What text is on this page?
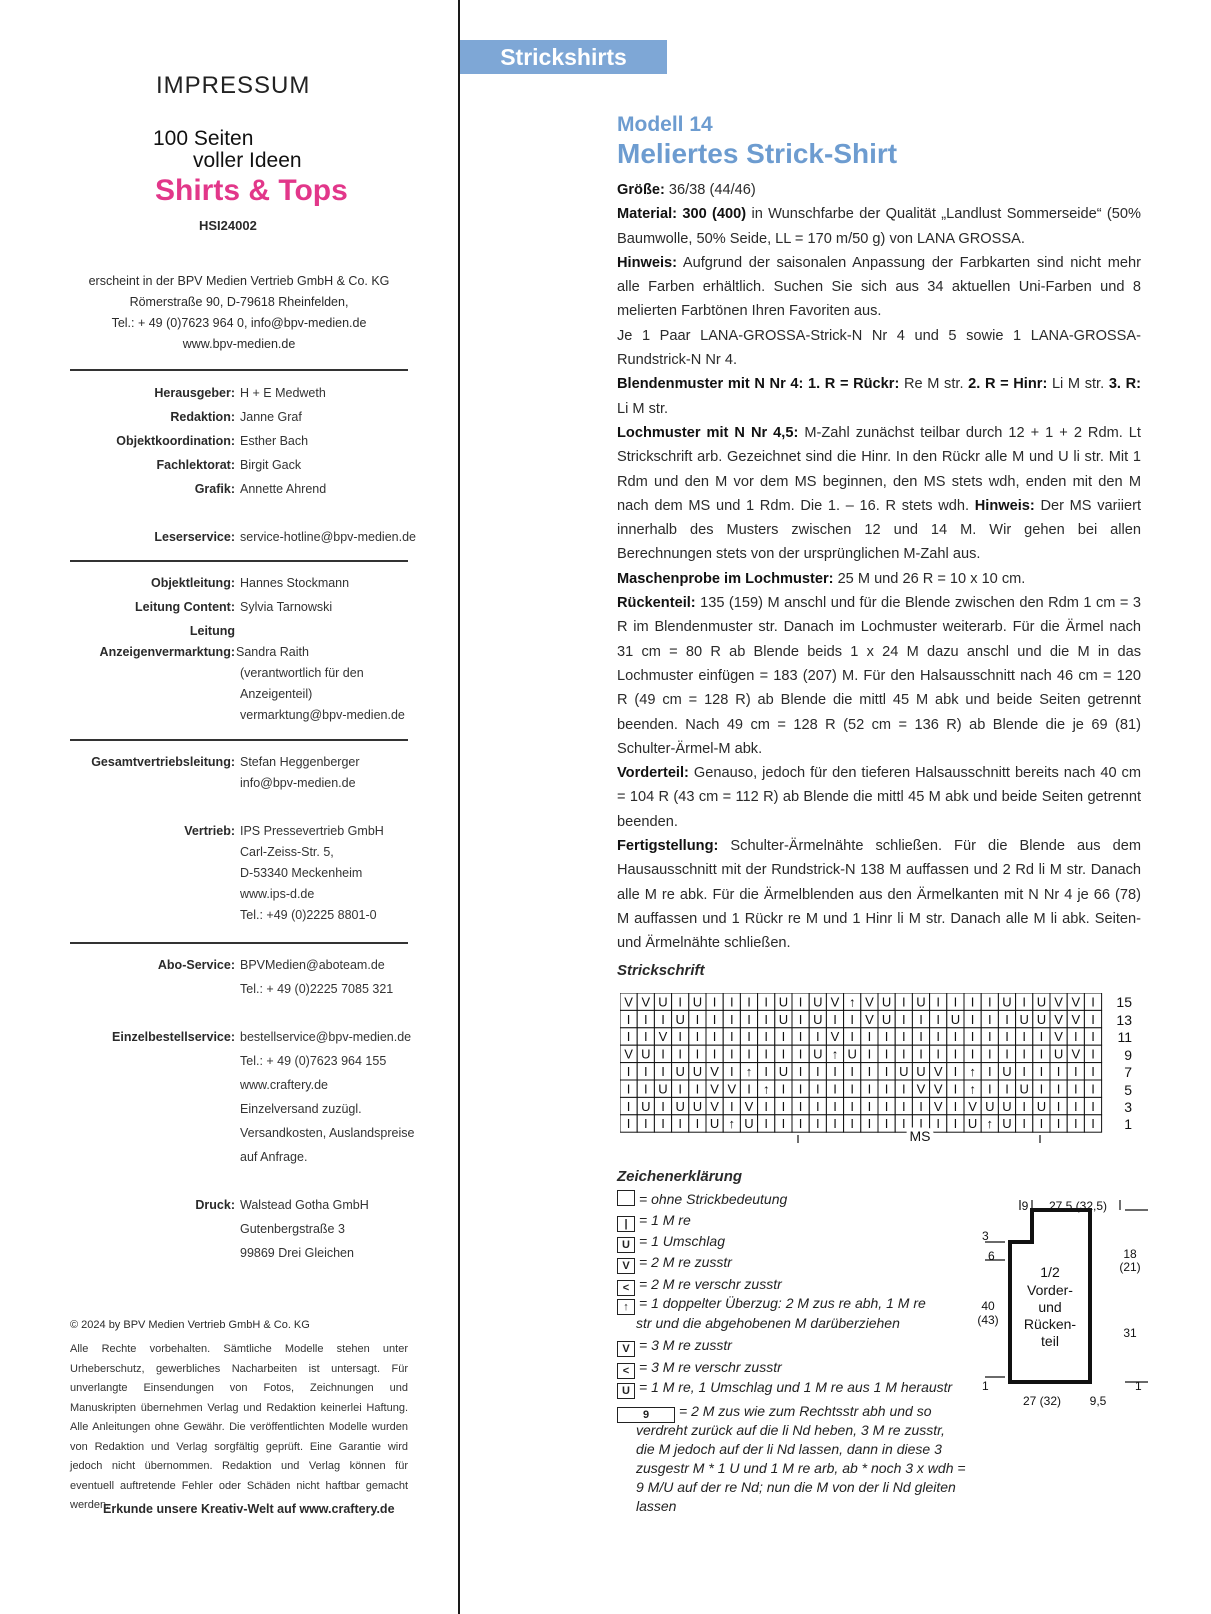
IMPRESSUM
100 Seiten
voller Ideen
Shirts & Tops
HSI24002
erscheint in der BPV Medien Vertrieb GmbH & Co. KG
Römerstraße 90, D-79618 Rheinfelden,
Tel.: + 49 (0)7623 964 0, info@bpv-medien.de
www.bpv-medien.de
Herausgeber: H + E Medweth
Redaktion: Janne Graf
Objektkoordination: Esther Bach
Fachlektorat: Birgit Gack
Grafik: Annette Ahrend
Leserservice: service-hotline@bpv-medien.de
Objektleitung: Hannes Stockmann
Leitung Content: Sylvia Tarnowski
Leitung
Anzeigenvermarktung: Sandra Raith
(verantwortlich für den
Anzeigenteil)
vermarktung@bpv-medien.de
Gesamtvertriebsleitung: Stefan Heggenberger
info@bpv-medien.de
Vertrieb: IPS Pressevertrieb GmbH
Carl-Zeiss-Str. 5,
D-53340 Meckenheim
www.ips-d.de
Tel.: +49 (0)2225 8801-0
Abo-Service: BPVMedien@aboteam.de
Tel.: + 49 (0)2225 7085 321
Einzelbestellservice: bestellservice@bpv-medien.de
Tel.: + 49 (0)7623 964 155
www.craftery.de
Einzelversand zuzügl.
Versandkosten, Auslandspreise
auf Anfrage.
Druck: Walstead Gotha GmbH
Gutenbergstraße 3
99869 Drei Gleichen
© 2024 by BPV Medien Vertrieb GmbH & Co. KG
Alle Rechte vorbehalten. Sämtliche Modelle stehen unter Urheberschutz, gewerbliches Nacharbeiten ist untersagt. Für unverlangte Einsendungen von Fotos, Zeichnungen und Manuskripten übernehmen Verlag und Redaktion keinerlei Haftung. Alle Anleitungen ohne Gewähr. Die veröffentlichten Modelle wurden von Redaktion und Verlag sorgfältig geprüft. Eine Garantie wird jedoch nicht übernommen. Redaktion und Verlag können für eventuell auftretende Fehler oder Schäden nicht haftbar gemacht werden.
Erkunde unsere Kreativ-Welt auf www.craftery.de
Strickshirts
Modell 14
Meliertes Strick-Shirt
Größe: 36/38 (44/46)
Material: 300 (400) in Wunschfarbe der Qualität „Landlust Sommerseide“ (50% Baumwolle, 50% Seide, LL = 170 m/50 g) von LANA GROSSA.
Hinweis: Aufgrund der saisonalen Anpassung der Farbkarten sind nicht mehr alle Farben erhältlich. Suchen Sie sich aus 34 aktuellen Uni-Farben und 8 melierten Farbtönen Ihren Favoriten aus.
Je 1 Paar LANA-GROSSA-Strick-N Nr 4 und 5 sowie 1 LANA-GROSSA-Rundstrick-N Nr 4.
Blendenmuster mit N Nr 4: 1. R = Rückr: Re M str. 2. R = Hinr: Li M str. 3. R: Li M str.
Lochmuster mit N Nr 4,5: M-Zahl zunächst teilbar durch 12 + 1 + 2 Rdm. Lt Strickschrift arb. Gezeichnet sind die Hinr. In den Rückr alle M und U li str. Mit 1 Rdm und den M vor dem MS beginnen, den MS stets wdh, enden mit den M nach dem MS und 1 Rdm. Die 1. – 16. R stets wdh. Hinweis: Der MS variiert innerhalb des Musters zwischen 12 und 14 M. Wir gehen bei allen Berechnungen stets von der ursprünglichen M-Zahl aus.
Maschenprobe im Lochmuster: 25 M und 26 R = 10 x 10 cm.
Rückenteil: 135 (159) M anschl und für die Blende zwischen den Rdm 1 cm = 3 R im Blendenmuster str. Danach im Lochmuster weiterarb. Für die Ärmel nach 31 cm = 80 R ab Blende beids 1 x 24 M dazu anschl und die M in das Lochmuster einfügen = 183 (207) M. Für den Halsausschnitt nach 46 cm = 120 R (49 cm = 128 R) ab Blende die mittl 45 M abk und beide Seiten getrennt beenden. Nach 49 cm = 128 R (52 cm = 136 R) ab Blende die je 69 (81) Schulter-Ärmel-M abk.
Vorderteil: Genauso, jedoch für den tieferen Halsausschnitt bereits nach 40 cm = 104 R (43 cm = 112 R) ab Blende die mittl 45 M abk und beide Seiten getrennt beenden.
Fertigstellung: Schulter-Ärmelnähte schließen. Für die Blende aus dem Hausausschnitt mit der Rundstrick-N 138 M auffassen und 2 Rd li M str. Danach alle M re abk. Für die Ärmelblenden aus den Ärmelkanten mit N Nr 4 je 66 (78) M auffassen und 1 Rückr re M und 1 Hinr li M str. Danach alle M li abk. Seiten- und Ärmelnähte schließen.
Strickschrift
V V U I U I I I I U I U V ↑ V U I U I I I I U I U V V I
I I I U I I I I I U I U I I V U I I I U I I I U U V V I
I I V I I I I I I I I I V I I I I I I I I I I I I V I I
V U I I I I I I I I I U ↑ U I I I I I I I I I I I U V I
I I I U U V I ↑ I U I I I I I I U U V I ↑ I U I I I I I
I I U I I V V I ↑ I I I I I I I I V V I ↑ I I U I I I I
I U I U U V I V I I I I I I I I I I V I V U U I U I I I
I I I I I U ↑ U I I I I I I I I I I I I U ↑ U I I I I I
15
13
11
9
7
5
3
1
MS
Zeichenerklärung
= ohne Strickbedeutung
| = 1 M re
U = 1 Umschlag
V = 2 M re zusstr
< = 2 M re verschr zusstr
↑ = 1 doppelter Überzug: 2 M zus re abh, 1 M re
str und die abgehobenen M darüberziehen
V = 3 M re zusstr
< = 3 M re verschr zusstr
U = 1 M re, 1 Umschlag und 1 M re aus 1 M heraustr
9 = 2 M zus wie zum Rechtsstr abh und so
verdreht zurück auf die li Nd heben, 3 M re zusstr,
die M jedoch auf der li Nd lassen, dann in diese 3
zusgestr M * 1 U und 1 M re arb, ab * noch 3 x wdh =
9 M/U auf der re Nd; nun die M von der li Nd gleiten
lassen
9 27,5 (32,5)
3
6
40
(43)
1
18
(21)
31
1
27 (32) 9,5
1/2
Vorder-
und
Rücken-
teil
